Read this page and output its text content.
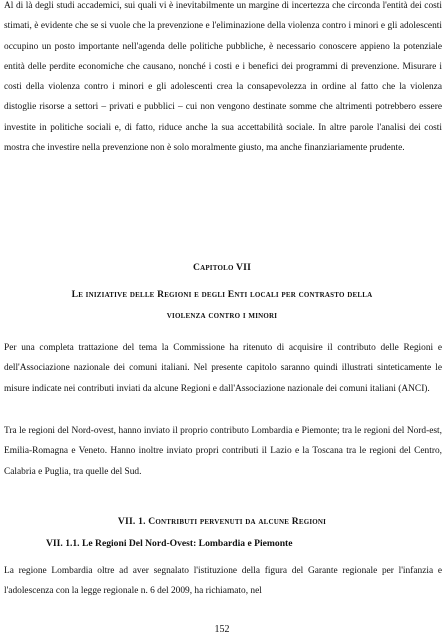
Al di là degli studi accademici, sui quali vi è inevitabilmente un margine di incertezza che circonda l'entità dei costi stimati, è evidente che se si vuole che la prevenzione e l'eliminazione della violenza contro i minori e gli adolescenti occupino un posto importante nell'agenda delle politiche pubbliche, è necessario conoscere appieno la potenziale entità delle perdite economiche che causano, nonché i costi e i benefici dei programmi di prevenzione. Misurare i costi della violenza contro i minori e gli adolescenti crea la consapevolezza in ordine al fatto che la violenza distoglie risorse a settori – privati e pubblici – cui non vengono destinate somme che altrimenti potrebbero essere investite in politiche sociali e, di fatto, riduce anche la sua accettabilità sociale. In altre parole l'analisi dei costi mostra che investire nella prevenzione non è solo moralmente giusto, ma anche finanziariamente prudente.

Capitolo VII

Le iniziative delle Regioni e degli Enti locali per contrasto della

violenza contro i minori

Per una completa trattazione del tema la Commissione ha ritenuto di acquisire il contributo delle Regioni e dell'Associazione nazionale dei comuni italiani. Nel presente capitolo saranno quindi illustrati sinteticamente le misure indicate nei contributi inviati da alcune Regioni e dall'Associazione nazionale dei comuni italiani (ANCI).

Tra le regioni del Nord-ovest, hanno inviato il proprio contributo Lombardia e Piemonte; tra le regioni del Nord-est, Emilia-Romagna e Veneto. Hanno inoltre inviato propri contributi il Lazio e la Toscana tra le regioni del Centro, Calabria e Puglia, tra quelle del Sud.

VII. 1. Contributi pervenuti da alcune Regioni

VII. 1.1. Le Regioni Del Nord-Ovest: Lombardia e Piemonte

La regione Lombardia oltre ad aver segnalato l'istituzione della figura del Garante regionale per l'infanzia e l'adolescenza con la legge regionale n. 6 del 2009, ha richiamato, nel

152
